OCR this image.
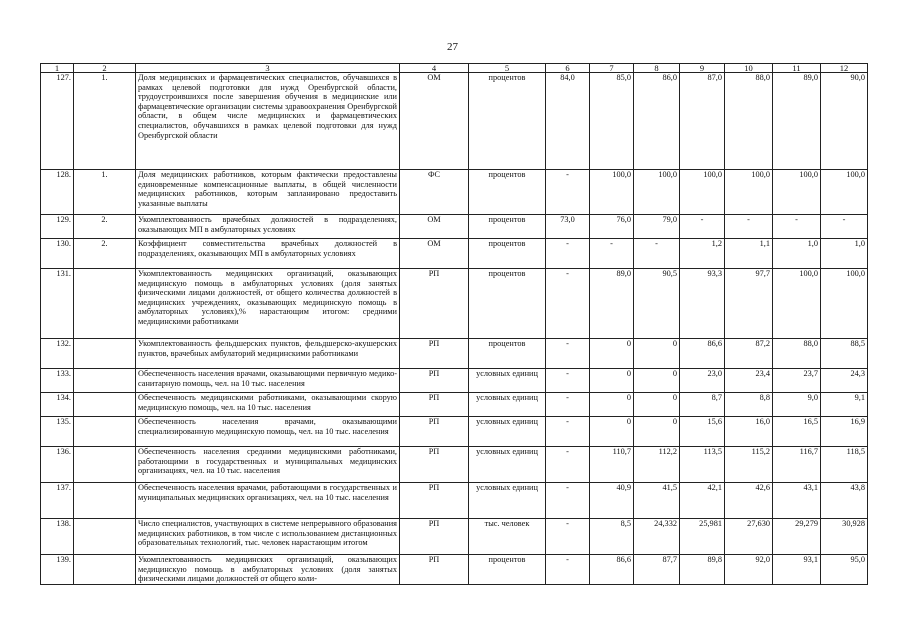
27
1	2	3	4	5	6	7	8	9	10	11	12
127.	1.	Доля медицинских и фармацевтических специалистов, обучавшихся в рамках целевой подготовки для нужд Оренбургской области, трудоустроившихся после завершения обучения в медицинские или фармацевтические организации системы здравоохранения Оренбургской области, в общем числе медицинских и фармацевтических специалистов, обучавшихся в рамках целевой подготовки для нужд Оренбургской области	ОМ	процентов	84,0	85,0	86,0	87,0	88,0	89,0	90,0
128.	1.	Доля медицинских работников, которым фактически предоставлены единовременные компенсационные выплаты, в общей численности медицинских работников, которым запланировано предоставить указанные выплаты	ФС	процентов	-	100,0	100,0	100,0	100,0	100,0	100,0
129.	2.	Укомплектованность врачебных должностей в подразделениях, оказывающих МП в амбулаторных условиях	ОМ	процентов	73,0	76,0	79,0	-	-	-	-
130.	2.	Коэффициент совместительства врачебных должностей в подразделениях, оказывающих МП в амбулаторных условиях	ОМ	процентов	-	-	-	1,2	1,1	1,0	1,0
131.		Укомплектованность медицинских организаций, оказывающих медицинскую помощь в амбулаторных условиях (доля занятых физическими лицами должностей, от общего количества должностей в медицинских учреждениях, оказывающих медицинскую помощь в амбулаторных условиях),% нарастающим итогом: средними медицинскими работниками	РП	процентов	-	89,0	90,5	93,3	97,7	100,0	100,0
132.		Укомплектованность фельдшерских пунктов, фельдшерско-акушерских пунктов, врачебных амбулаторий медицинскими работниками	РП	процентов	-	0	0	86,6	87,2	88,0	88,5
133.		Обеспеченность населения врачами, оказывающими первичную медико-санитарную помощь, чел. на 10 тыс. населения	РП	условных единиц	-	0	0	23,0	23,4	23,7	24,3
134.		Обеспеченность медицинскими работниками, оказывающими скорую медицинскую помощь, чел. на 10 тыс. населения	РП	условных единиц	-	0	0	8,7	8,8	9,0	9,1
135.		Обеспеченность населения врачами, оказывающими специализированную медицинскую помощь, чел. на 10 тыс. населения	РП	условных единиц	-	0	0	15,6	16,0	16,5	16,9
136.		Обеспеченность населения средними медицинскими работниками, работающими в государственных и муниципальных медицинских организациях, чел. на 10 тыс. населения	РП	условных единиц	-	110,7	112,2	113,5	115,2	116,7	118,5
137.		Обеспеченность населения врачами, работающими в государственных и муниципальных медицинских организациях, чел. на 10 тыс. населения	РП	условных единиц	-	40,9	41,5	42,1	42,6	43,1	43,8
138.		Число специалистов, участвующих в системе непрерывного образования медицинских работников, в том числе с использованием дистанционных образовательных технологий, тыс. человек нарастающим итогом	РП	тыс. человек	-	8,5	24,332	25,981	27,630	29,279	30,928
139.		Укомплектованность медицинских организаций, оказывающих медицинскую помощь в амбулаторных условиях (доля занятых физическими лицами должностей от общего коли-	РП	процентов	-	86,6	87,7	89,8	92,0	93,1	95,0
